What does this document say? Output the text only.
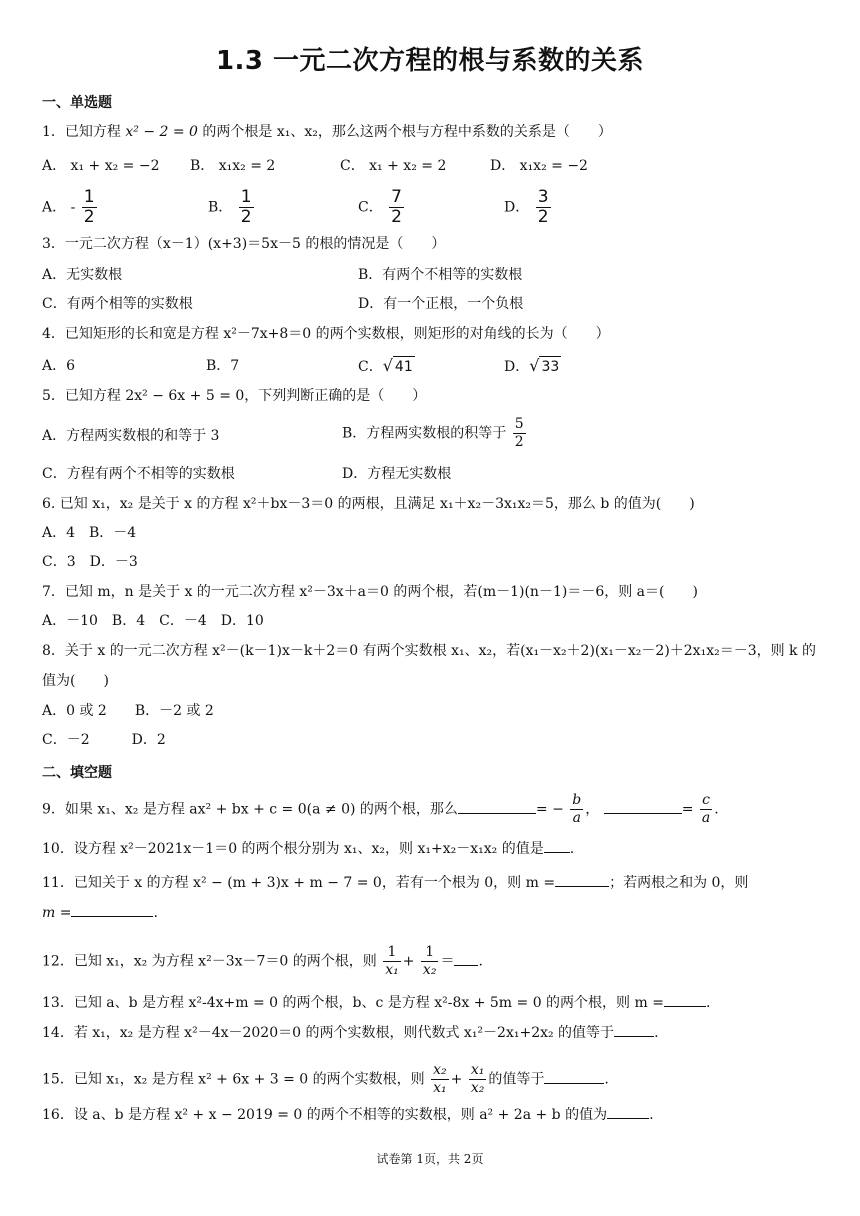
1.3 一元二次方程的根与系数的关系
一、单选题
1．已知方程 x² − 2 = 0 的两个根是 x₁、x₂，那么这两个根与方程中系数的关系是（　　）
A． x₁ + x₂ = −2 B． x₁x₂ = 2	C． x₁ + x₂ = 2	D． x₁x₂ = −2
A． - $\frac{1}{2}$	B． $\frac{1}{2}$	C． $\frac{7}{2}$	D． $\frac{3}{2}$
3．一元二次方程（x－1）(x+3)＝5x－5 的根的情况是（　　）
A．无实数根	B．有两个不相等的实数根
C．有两个相等的实数根	D．有一个正根，一个负根
4．已知矩形的长和宽是方程 x²－7x+8＝0 的两个实数根，则矩形的对角线的长为（　　）
A．6	B．7	C．√ 41	D．√ 33
5．已知方程 2x² − 6x + 5 = 0，下列判断正确的是（　　）
A．方程两实数根的和等于 3	B．方程两实数根的积等于 $\frac{5}{2}$
C．方程有两个不相等的实数根	D．方程无实数根
6. 已知 x₁，x₂ 是关于 x 的方程 x²＋bx－3＝0 的两根，且满足 x₁＋x₂－3x₁x₂＝5，那么 b 的值为(　　)
A．4　B．－4
C．3　D．－3
7．已知 m，n 是关于 x 的一元二次方程 x²－3x＋a＝0 的两个根，若(m－1)(n－1)＝－6，则 a＝(　　)
A．－10　B．4　C．－4　D．10
8．关于 x 的一元二次方程 x²－(k－1)x－k＋2＝0 有两个实数根 x₁、x₂，若(x₁－x₂＋2)(x₁－x₂－2)＋2x₁x₂＝－3，则 k 的
值为(　　)
A．0 或 2　　B．－2 或 2
C．－2　　　D．2
二、填空题
9．如果 x₁、x₂ 是方程 ax² + bx + c = 0(a ≠ 0) 的两个根，那么	= − $\frac{b}{a}$ ，	= $\frac{c}{a}$ .
10．设方程 x²－2021x－1＝0 的两个根分别为 x₁、x₂，则 x₁+x₂－x₁x₂ 的值是 .
11．已知关于 x 的方程 x² − (m + 3)x + m − 7 = 0，若有一个根为 0，则 m =	；若两根之和为 0，则
m =	.
12．已知 x₁，x₂ 为方程 x²－3x－7＝0 的两个根，则 $\frac{1}{\text{x₁}} + \frac{1}{\text{x₂}}$ ＝ .
13．已知 a、b 是方程 x²-4x+m = 0 的两个根，b、c 是方程 x²-8x + 5m = 0 的两个根，则 m =	.
14．若 x₁，x₂ 是方程 x²－4x－2020＝0 的两个实数根，则代数式 x₁²－2x₁+2x₂ 的值等于	.
15．已知 x₁，x₂ 是方程 x² + 6x + 3 = 0 的两个实数根，则 $\frac{\text{x₂}}{\text{x₁}} + \frac{\text{x₁}}{\text{x₂}}$ 的值等于	.
16．设 a、b 是方程 x² + x − 2019 = 0 的两个不相等的实数根，则 a² + 2a + b 的值为	.
试卷第 1页，共 2页
